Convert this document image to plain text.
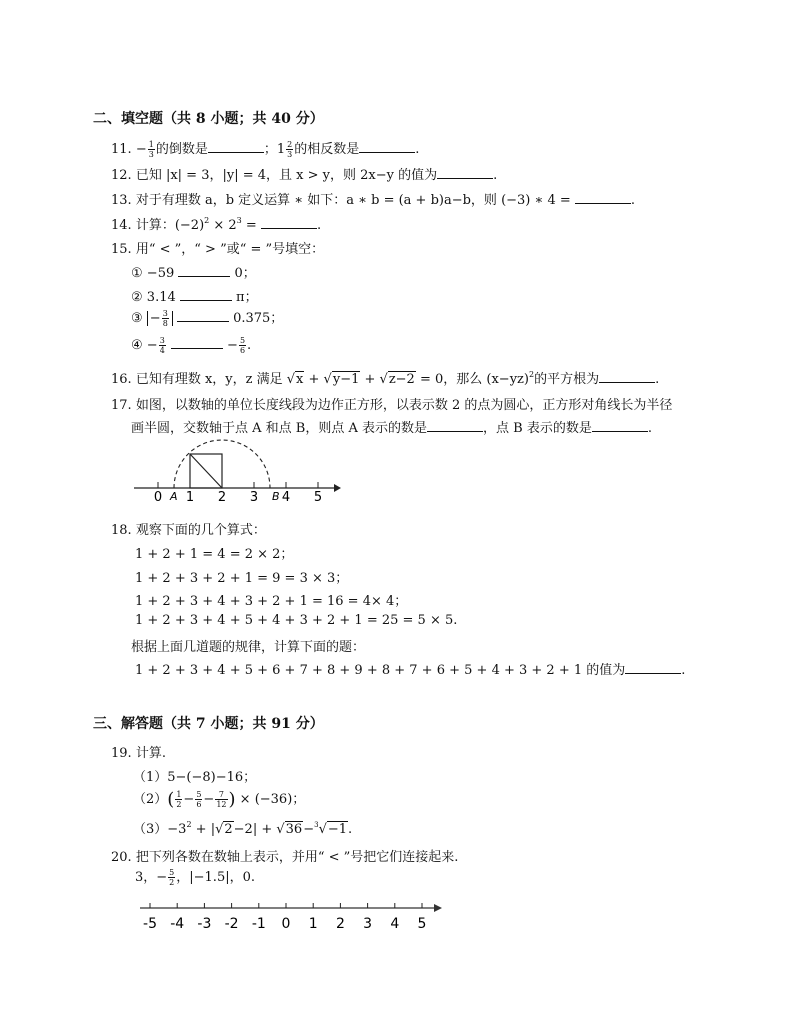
二、填空题（共 8 小题；共 40 分）
11. − $\frac{1}{3}$ 的倒数是	；$1 \frac{2}{3}$ 的相反数是	.
12. 已知 |x| = 3，|y| = 4，且 x > y，则 2x−y 的值为	.
13. 对于有理数 a，b 定义运算 ∗ 如下：a ∗ b = (a + b)a−b，则 (−3) ∗ 4 =	.
14. 计算：$(-2)^2 \times 2^3$ =	.
15. 用“ < ”，“ > ”或“ = ”号填空：
① −59	0；
② 3.14	π；
③ − $\frac{3}{8}$	0.375；
④ − $\frac{3}{4}$	− $\frac{5}{6}$ .
16. 已知有理数 x，y，z 满足 √x + √y−1 + √z−2 = 0，那么 $(x-yz)^2$的平方根为	.
17. 如图，以数轴的单位长度线段为边作正方形，以表示数 2 的点为圆心，正方形对角线长为半径
画半圆，交数轴于点 A 和点 B，则点 A 表示的数是	，点 B 表示的数是	.
0 1 2 3 4 5
A	B
18. 观察下面的几个算式：
1 + 2 + 1 = 4 = 2 × 2；
1 + 2 + 3 + 2 + 1 = 9 = 3 × 3；
1 + 2 + 3 + 4 + 3 + 2 + 1 = 16 = 4× 4；
1 + 2 + 3 + 4 + 5 + 4 + 3 + 2 + 1 = 25 = 5 × 5.
根据上面几道题的规律，计算下面的题：
1 + 2 + 3 + 4 + 5 + 6 + 7 + 8 + 9 + 8 + 7 + 6 + 5 + 4 + 3 + 2 + 1 的值为	.
三、解答题（共 7 小题；共 91 分）
19. 计算.
（1）5−(−8)−16；
$(2)( \frac{1}{2} - \frac{5}{6} - \frac{7}{12}$ ) × (−36)；
$(3)-3^2 + |√2-2| + √36-^3√-1$.
20. 把下列各数在数轴上表示，并用“ < ”号把它们连接起来.
3，− $\frac{5}{2}$ ，|−1.5|，0.
-5 -4 -3 -2 -1 0 1 2 3 4 5
